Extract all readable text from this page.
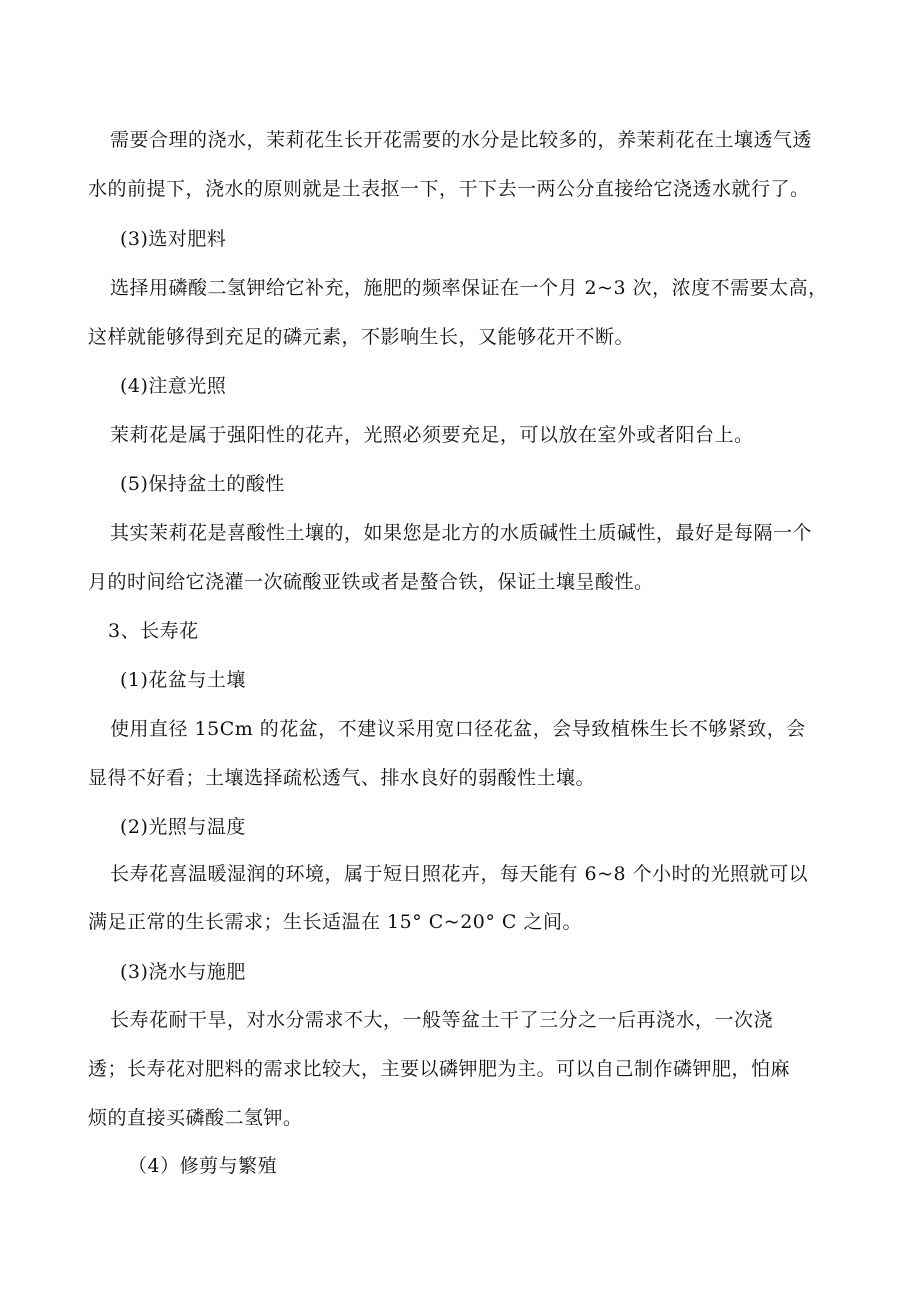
需要合理的浇水，茉莉花生长开花需要的水分是比较多的，养茉莉花在土壤透气透
水的前提下，浇水的原则就是土表抠一下，干下去一两公分直接给它浇透水就行了。
(3)选对肥料
选择用磷酸二氢钾给它补充，施肥的频率保证在一个月 2~3 次，浓度不需要太高，
这样就能够得到充足的磷元素，不影响生长，又能够花开不断。
(4)注意光照
茉莉花是属于强阳性的花卉，光照必须要充足，可以放在室外或者阳台上。
(5)保持盆土的酸性
其实茉莉花是喜酸性土壤的，如果您是北方的水质碱性土质碱性，最好是每隔一个
月的时间给它浇灌一次硫酸亚铁或者是螯合铁，保证土壤呈酸性。
3、长寿花
(1)花盆与土壤
使用直径 15Cm 的花盆，不建议采用宽口径花盆，会导致植株生长不够紧致，会
显得不好看；土壤选择疏松透气、排水良好的弱酸性土壤。
(2)光照与温度
长寿花喜温暖湿润的环境，属于短日照花卉，每天能有 6~8 个小时的光照就可以
满足正常的生长需求；生长适温在 15° C~20° C 之间。
(3)浇水与施肥
长寿花耐干旱，对水分需求不大，一般等盆土干了三分之一后再浇水，一次浇
透；长寿花对肥料的需求比较大，主要以磷钾肥为主。可以自己制作磷钾肥，怕麻
烦的直接买磷酸二氢钾。
（4）修剪与繁殖
